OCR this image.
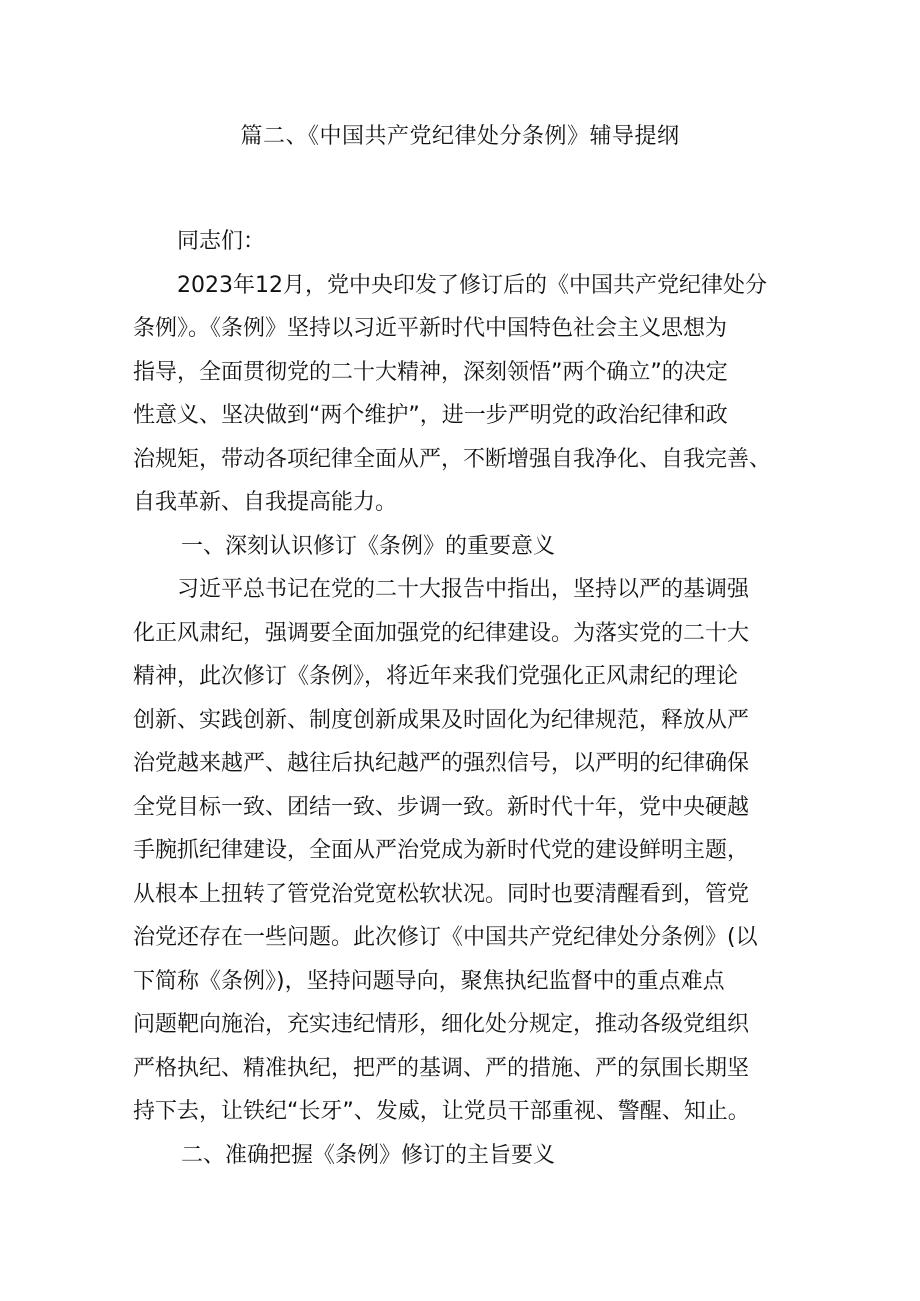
篇二、《中国共产党纪律处分条例》辅导提纲

同志们：

2023年12月，党中央印发了修订后的《中国共产党纪律处分
条例》。《条例》坚持以习近平新时代中国特色社会主义思想为
指导，全面贯彻党的二十大精神，深刻领悟”两个确立”的决定
性意义、坚决做到“两个维护”，进一步严明党的政治纪律和政
治规矩，带动各项纪律全面从严，不断增强自我净化、自我完善、
自我革新、自我提高能力。

一、深刻认识修订《条例》的重要意义

习近平总书记在党的二十大报告中指出，坚持以严的基调强
化正风肃纪，强调要全面加强党的纪律建设。为落实党的二十大
精神，此次修订《条例》，将近年来我们党强化正风肃纪的理论
创新、实践创新、制度创新成果及时固化为纪律规范，释放从严
治党越来越严、越往后执纪越严的强烈信号，以严明的纪律确保
全党目标一致、团结一致、步调一致。新时代十年，党中央硬越
手腕抓纪律建设，全面从严治党成为新时代党的建设鲜明主题，
从根本上扭转了管党治党宽松软状况。同时也要清醒看到，管党
治党还存在一些问题。此次修订《中国共产党纪律处分条例》(以
下简称《条例》)，坚持问题导向，聚焦执纪监督中的重点难点
问题靶向施治，充实违纪情形，细化处分规定，推动各级党组织
严格执纪、精准执纪，把严的基调、严的措施、严的氛围长期坚
持下去，让铁纪“长牙”、发威，让党员干部重视、警醒、知止。

二、准确把握《条例》修订的主旨要义
